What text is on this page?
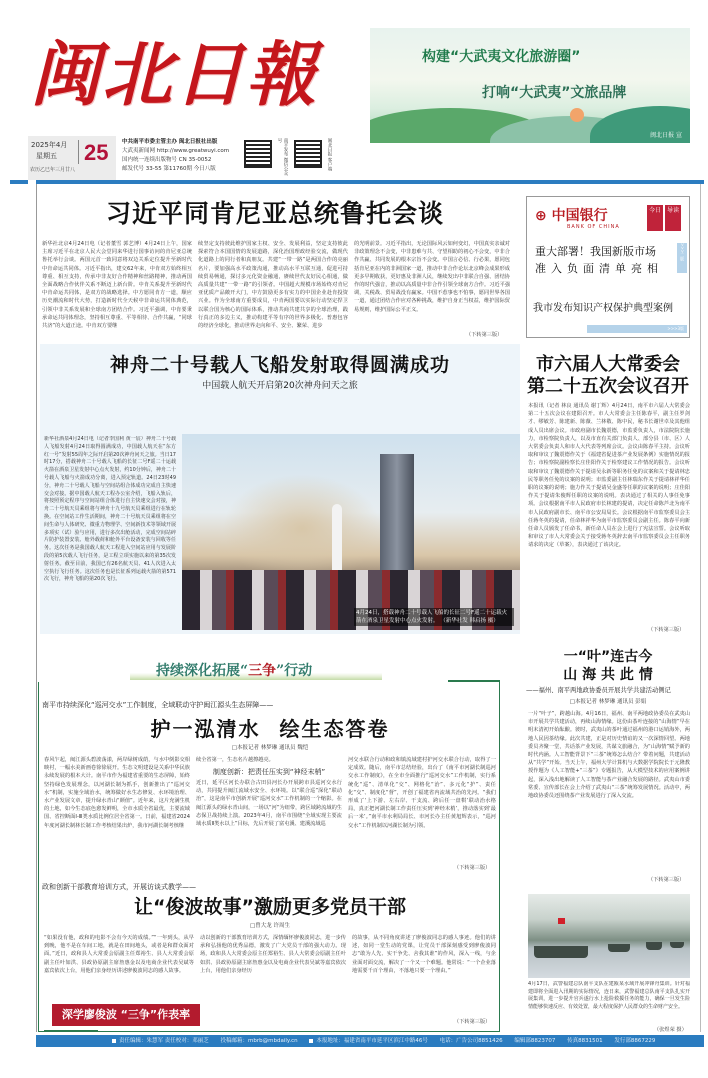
闽北日報
2025年4月
星期五
农历乙巳年三月廿八
25 中共南平市委主管主办 闽北日报社出版
大武夷新闻网 http://www.greatwuyi.com
国内统一连续出版物号 CN 35-0052
邮发代号 33-55 第11760期 今日八版	南平发布 微信公众号	闽北日报 客户端
构建“大武夷文化旅游圈”
打响“大武夷”文旅品牌
闽北日报 宣
习近平同肯尼亚总统鲁托会谈
新华社北京4月24日电（记者董雪 郭艺博）4月24日上午，国家主席习近平在北京人民大会堂同来华进行国事访问的肯尼亚总统鲁托举行会谈。两国元首一致同意将双边关系定位提升至新时代中肯命运共同体。习近平指出，建交62年来，中肯双方始终相互尊重、相互支持，传承中非友好合作精神和丝路精神，推动两国全面战略合作伙伴关系不断迈上新台阶。中肯关系提升至新时代中肯命运共同体，是双方的战略选择。中方愿同肯方一道，顺应历史潮流和时代大势，打造新时代全天候中非命运共同体典范，引领中非关系发展和全球南方团结合作。习近平强调，中肯要秉承命运共同体理念，坚持相互尊重、平等相待、合作共赢，“同球共济”的大道正途。中肯双方要继
续坚定支持彼此维护国家主权、安全、发展利益，坚定支持彼此探索符合本国国情的发展道路，深化治国理政经验交流，做现代化道路上的同行者和真朋友。共建“一带一路”是两国合作的亮丽名片，要加强高水平政策沟通，推动高水平互联互通，促进可持续贸易畅通，探讨多元化资金融通，赓续世代友好民心相通，做高质量共建“一带一路”的引领者。中国超大规模市场始终对肯尼亚优质产品敞开大门，中方鼓励更多有实力的中国企业赴肯投资兴业。作为全球南方重要成员，中肯两国要以实际行动坚定捍卫以联合国为核心的国际体系，推动共商共建共享的全球治理，践行真正的多边主义，推动构建平等有序的世界多极化、普惠包容的经济全球化，推动世界走向和平、安全、繁荣、进步
的光明前景。习近平指出，无论国际风云如何变幻，中国真实亲诚对非政策理念不会变，中非患难与共、守望相助的初心不会变，中非合作共赢、共同发展的根本宗旨不会变。中国言必信、行必果，愿同包括肯尼亚在内的非洲国家一道，推动中非合作论坛北京峰会成果形成更多早期收获，更好惠及非洲人民，继续发出中非联合自强、团结协作的时代强音，推动以高质量中非合作引领全球南方合作。习近平强调，关税战、贸易战没有赢家。中国不惹事也不怕事，愿同世界各国一道，通过团结合作应对各种挑战，维护自身正当权益，维护国际贸易规则，维护国际公平正义。
（下转第三版）
⊕ 中国银行
BANK OF CHINA
今日 导读
重大部署！我国新版市场
准入负面清单亮相
>>>二版
我市发布知识产权保护典型案例
>>>3版
神舟二十号载人飞船发射取得圆满成功
中国载人航天开启第20次神舟问天之旅
新华社酒泉4月24日电（记者李国利 黄一宸）神舟二十号载人飞船发射4月24日取得圆满成功，中国载人航天在“东方红一号”发射55周年之际开启第20次神舟问天之旅。当日17时17分，搭载神舟二十号载人飞船的长征二号F遥二十运载火箭在酒泉卫星发射中心点火发射，约10分钟后，神舟二十号载人飞船与火箭成功分离，进入预定轨道。24日23时49分，神舟二十号载人飞船与空间站组合体成功完成自主快速交会对接。据中国载人航天工程办公室介绍，飞船入轨后，将按照预定程序与空间站组合体进行自主快速交会对接，神舟二十号航天员乘组将与神舟十九号航天员乘组进行在轨轮换。在空间站工作生活期间，神舟二十号航天员乘组将在空间生命与人体研究、微重力物理学、空间新技术等领域开展多项实（试）验与应用，进行多次出舱活动，完成空间站碎片防护装置安装、舱外载荷和舱外平台设备安装与回收等任务。这次任务是我国载人航天工程进入空间站应用与发展阶段的第5次载人飞行任务，是工程立项实施以来的第35次发射任务。截至目前，我国已有26名航天员、41人次进入太空执行飞行任务。这次任务也是长征系列运载火箭的第571次飞行，神舟飞船的第20次飞行。
4月24日，搭载神舟二十号载人飞船的长征二号F遥二十运载火箭在酒泉卫星发射中心点火发射。 （新华社发 韩启扬 摄）
市六届人大常委会
第二十五次会议召开
本报讯（记者 林良 通讯员 谢丁辉）4月24日，南平市六届人大常委会第二十五次会议在建阳召开。市人大常委会主任陈春平，副主任罗剑才、缪敏芳、陈建新、陈薇、兰林敬、陈中民，秘书长谢世卓及其他组成人员出席会议。市政府副市长魏震德，市监委负责人，市法院院长施力，市检察院负责人，以及市直有关部门负责人、部分县（市、区）人大常委会负责人和市人大代表等列席会议。会议由陈春平主持。会议听取和审议了魏震德作关于《福建省促进茶产业发展条例》实施情况的报告；市检察院副检察长庄佳阳作关于检察建议工作情况的报告。会议听取和审议了魏震德作关于提请吴永新等职务任免的议案和关于提请林忠民等职务任免的议案的说明；市监委副主任林瑞东作关于提请林祥华任职的议案的说明；施力作关于提请吴金盛等任职的议案的说明；庄佳阳作关于提请朱俊辉任职的议案的说明。表决通过了相关的人事任免事项。会议根据南平市人民政府市长林建的提请，决定任命陈芦北为南平市人民政府副市长、南平市公安局局长。会议根据南平市监察委员会主任蒋冬英的提请，任命林祥华为南平市监察委员会副主任。陈春平向新任命人员颁发了任命书，新任命人员在会上进行了宪法宣誓。会议听取和审议了市人大常委会关于接受蒋冬英辞去南平市监察委员会主任职务请求的决定（草案），表决通过了该决定。
（下转第三版）
持续深化拓展“三争”行动
南平市持续深化“巡河交水”工作制度，全域联动守护闽江源头生态屏障——
护一泓清水 绘生态答卷
□本报记者 林梦琳 通讯员 魏恺
春风乍起，闽江源头碧波荡漾，两岸绿树成荫，与水中倒影交相映衬，一幅水美新画卷徐徐展开。生态文明建设是关系中华民族永续发展的根本大计。南平市作为福建省重要的生态屏障，始终坚持绿色发展理念，以河湖长制为抓手，创新推出了“巡河交水”机制，实施全域治水，统筹做好水生态修复、水环境治理、水产业发展文章，提升绿水青山“颜值”。近年来，这片充满生机的土地，如今生态底色愈发鲜明，全市水质全省最优，主要流域国、省控断面Ⅰ-Ⅲ类水质比例位居全省第一。日前，福建省2024年度河湖长制林长制工作考核结果出炉，我市河湖长制考核继
续全省第一，生态名片越擦越亮。
制度创新：把责任压实到“神经末梢”
近日，延平区河长办联合古田县河长办开展跨市县巡河交水行动，共同提升闽江流域水安全、水环境。以“联合巡”深化“联动治”，这是南平市创新开展“巡河交水”工作机制的一个缩影。在闽江源头的绿水青山间，一场以“河”为纽带，跨区域跨流域的生态保卫战持续上演。2023年4月，南平市围绕“全域实现主要流域水质Ⅱ类水以上”目标，先后开展了富屯溪、建溪流域巡
河交水联合行动和政和镇流域建村护河交水联合行动，取得了一定成效。随后，南平市总结经验，出台了《南平市河湖长制巡河交水工作制度》，在全市全面推行“巡河交水”工作机制，实行系统化“巡”、清单化“交”、网格化“治”、多元化“护”、责任化“交”、制度化“督”，开创了福建省内流域共治的先河。“我们形成了‘上下游、左右岸、干支流、跨后任一盘棋’联动治水格局，真正把河湖长制工作责任压实到‘神经末梢’，推动落实到‘最后一米’。”南平市水利局局长、市河长办主任黄旭辉表示，“巡河交水”工作机制以河湖长制为引领。
（下转第三版）
政和创新干部教育培训方式，开展访谈式教学——
让“俊波故事”激励更多党员干部
□曾大龙 许周生
“如果没有他，政和的电影不会有今天的成绩。”“一年到头，从早到晚，他不是在车间工地，就是在田间地头，或者是和群众面对面。”近日，政和县人大常委会原副主任郑裕生、县人大常委会原副主任叶如洪、县政协原副主席詹惠金以及电商企业代表吴斌等嘉宾依次上台，用他们亲身经历讲述廖俊波同志的感人故事。
动以创新的干部教育培训方式，深情缅怀廖俊波同志，进一步传承和弘扬他的优秀品德，激发了广大党员干部的强大动力。现场，政和县人大常委会原主任郑裕生、县人大常委会原副主任叶如洪、县政协原副主席詹惠金以及电商企业代表吴斌等嘉宾依次上台，用他们亲身经历
的故事，从不同角度讲述了廖俊波同志的感人事迹。他们的讲述，如同一堂生动的党课，让党员干部深刻感受到廖俊波同志“敢为人先、实干争先、舍我其谁”的作风，深入一线，与企业面对面交流，解决了一个又一个难题。他常说：“一个企业落地需要千百个理由，不落地只要一个理由。”
（下转第三版）
深学廖俊波 “三争”作表率
一“叶”连古今
山 海 共 此 情
——福州、南平两地政协委员开展共学共建活动侧记
□本报记者 林梦琳 通讯员 彭娟
一片“叶子”，跨越山海。4月16日，福州、南平两地政协委员在武夷山市开展共学共建活动，再续山海情缘。这份由茶叶连接的“山海情”早在明末清初开始酝酿。彼时，武夷山的茶叶通过福州的港口运销海外，两地人民因茶结缘。此次共建，正是对历史情谊的又一次深情回望。两地委员齐聚一堂，共话茶产业发展，共谋文旅融合，为“山海情”赋予新的时代内涵。人工智能背景下“三茶”统筹怎么结合？带着问题，共建活动从“共学”开始。当天上午，福州大学计算机与大数据学院院长于元隆教授作题为《人工智能+“三茶”》专题报告，从大模型技术的应用案例讲起，深入浅出地解读了人工智能与茶产业融合发展的路径。武夷山市委常委、宣传部长在会上介绍了武夷山“三茶”统筹发展情况。活动中，两地政协委员还围绕茶产业发展进行了深入交流。
（下转第三版）
4月17日，武警福建总队南平支队在建瓯某水域开展冲锋舟集训。针对福建即将全面进入汛期的实际情况，连日来，武警福建总队南平支队扎实开展集训，进一步提升官兵遂行水上抢险救援任务的能力，确保一旦发生险情能够快速反应、有效处置，最大程度保护人民群众的生命财产安全。
（张煜荣 摄）
责任编辑：朱慧军 责任校对：邓丽芝 投稿邮箱：mbrb@mbdaily.cn	本报地址：福建省南平市延平区滨江中路46号 电话：广告公司8851426 编辑部8823707 传真8831501 发行部8867229
